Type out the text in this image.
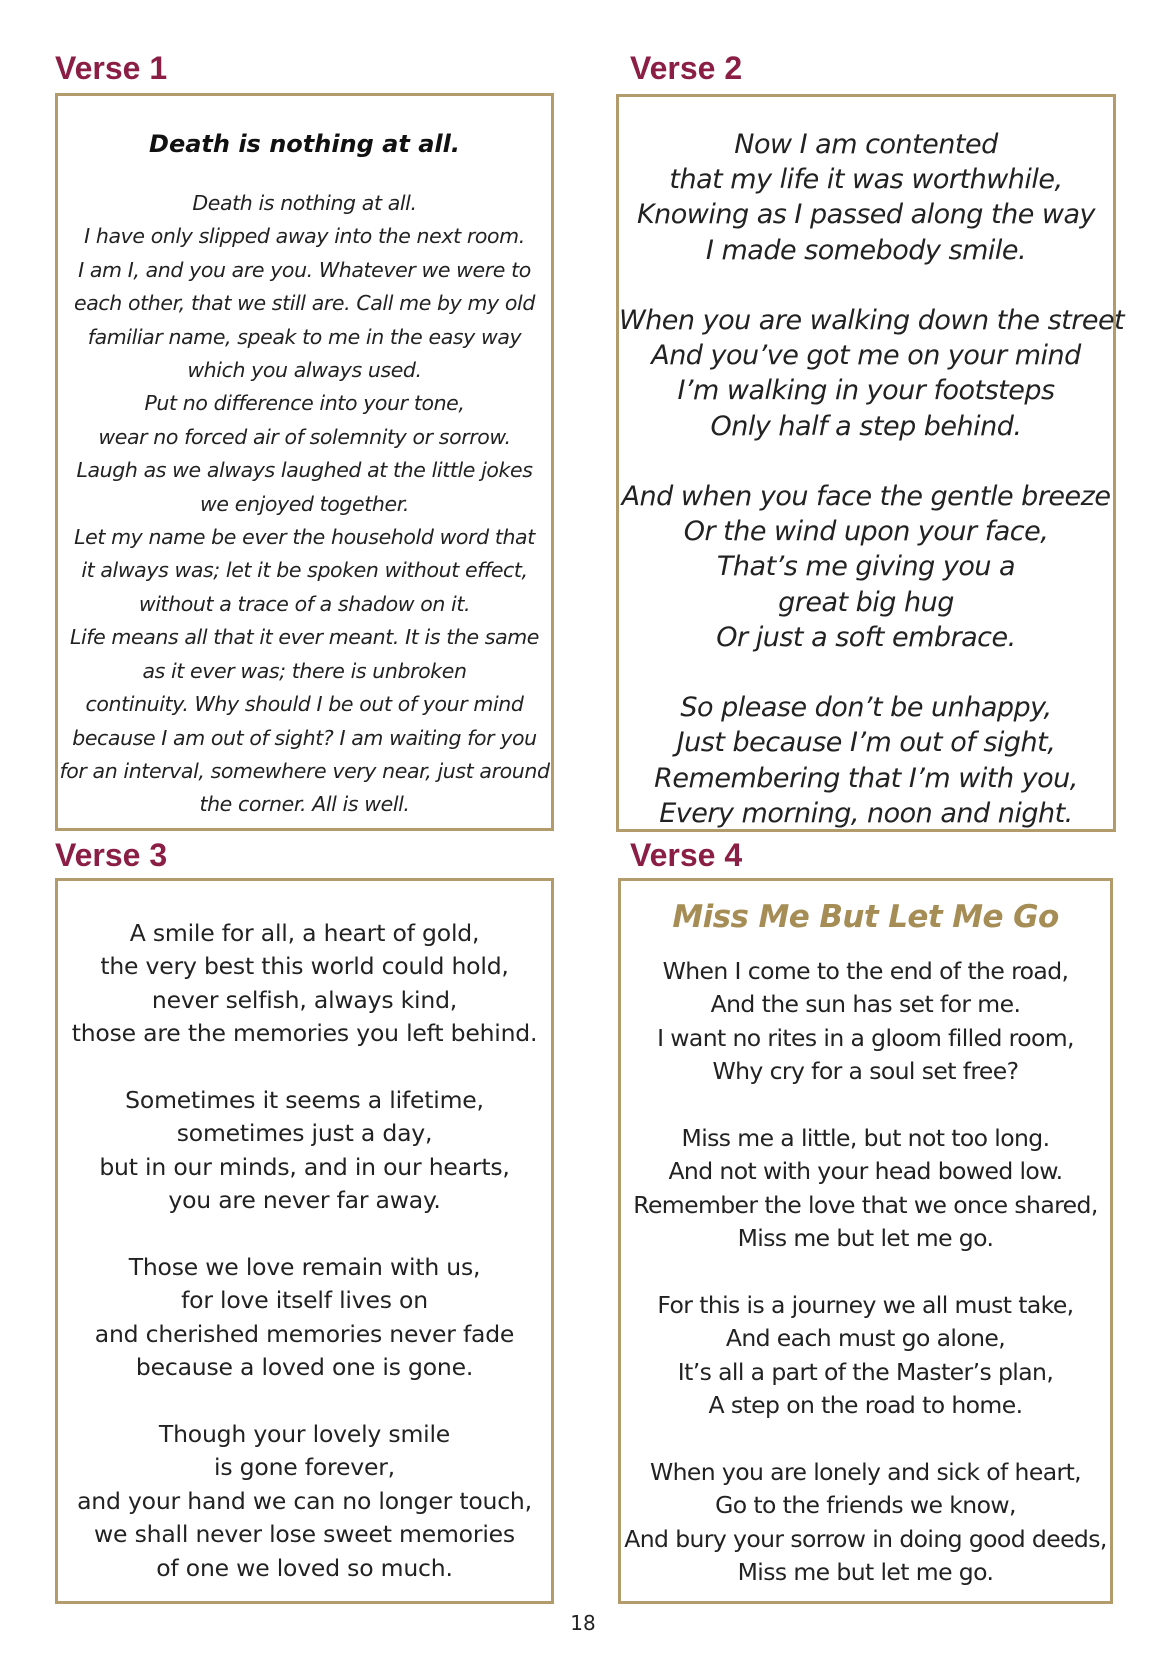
Verse 1
Death is nothing at all.
Death is nothing at all.
I have only slipped away into the next room.
I am I, and you are you. Whatever we were to
each other, that we still are. Call me by my old
familiar name, speak to me in the easy way
which you always used.
Put no difference into your tone,
wear no forced air of solemnity or sorrow.
Laugh as we always laughed at the little jokes
we enjoyed together.
Let my name be ever the household word that
it always was; let it be spoken without effect,
without a trace of a shadow on it.
Life means all that it ever meant. It is the same
as it ever was; there is unbroken
continuity. Why should I be out of your mind
because I am out of sight? I am waiting for you
for an interval, somewhere very near, just around
the corner. All is well.
Verse 2
Now I am contented
that my life it was worthwhile,
Knowing as I passed along the way
I made somebody smile.
When you are walking down the street
And you’ve got me on your mind
I’m walking in your footsteps
Only half a step behind.
And when you face the gentle breeze
Or the wind upon your face,
That’s me giving you a
great big hug
Or just a soft embrace.
So please don’t be unhappy,
Just because I’m out of sight,
Remembering that I’m with you,
Every morning, noon and night.
Verse 3
A smile for all, a heart of gold,
the very best this world could hold,
never selfish, always kind,
those are the memories you left behind.
Sometimes it seems a lifetime,
sometimes just a day,
but in our minds, and in our hearts,
you are never far away.
Those we love remain with us,
for love itself lives on
and cherished memories never fade
because a loved one is gone.
Though your lovely smile
is gone forever,
and your hand we can no longer touch,
we shall never lose sweet memories
of one we loved so much.
Verse 4
Miss Me But Let Me Go
When I come to the end of the road,
And the sun has set for me.
I want no rites in a gloom filled room,
Why cry for a soul set free?
Miss me a little, but not too long.
And not with your head bowed low.
Remember the love that we once shared,
Miss me but let me go.
For this is a journey we all must take,
And each must go alone,
It’s all a part of the Master’s plan,
A step on the road to home.
When you are lonely and sick of heart,
Go to the friends we know,
And bury your sorrow in doing good deeds,
Miss me but let me go.
18
